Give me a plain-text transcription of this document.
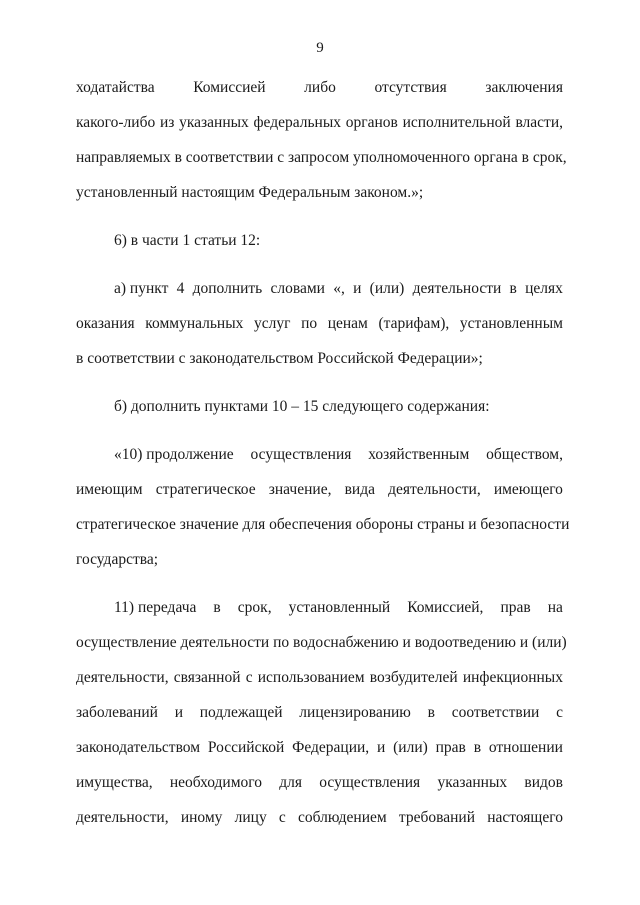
9

ходатайства Комиссией либо отсутствия заключения
какого-либо из указанных федеральных органов исполнительной власти,
направляемых в соответствии с запросом уполномоченного органа в срок,
установленный настоящим Федеральным законом.»;

6) в части 1 статьи 12:

а) пункт 4 дополнить словами «, и (или) деятельности в целях
оказания коммунальных услуг по ценам (тарифам), установленным
в соответствии с законодательством Российской Федерации»;

б) дополнить пунктами 10 – 15 следующего содержания:

«10) продолжение осуществления хозяйственным обществом,
имеющим стратегическое значение, вида деятельности, имеющего
стратегическое значение для обеспечения обороны страны и безопасности
государства;

11) передача в срок, установленный Комиссией, прав на
осуществление деятельности по водоснабжению и водоотведению и (или)
деятельности, связанной с использованием возбудителей инфекционных
заболеваний и подлежащей лицензированию в соответствии с
законодательством Российской Федерации, и (или) прав в отношении
имущества, необходимого для осуществления указанных видов
деятельности, иному лицу с соблюдением требований настоящего
